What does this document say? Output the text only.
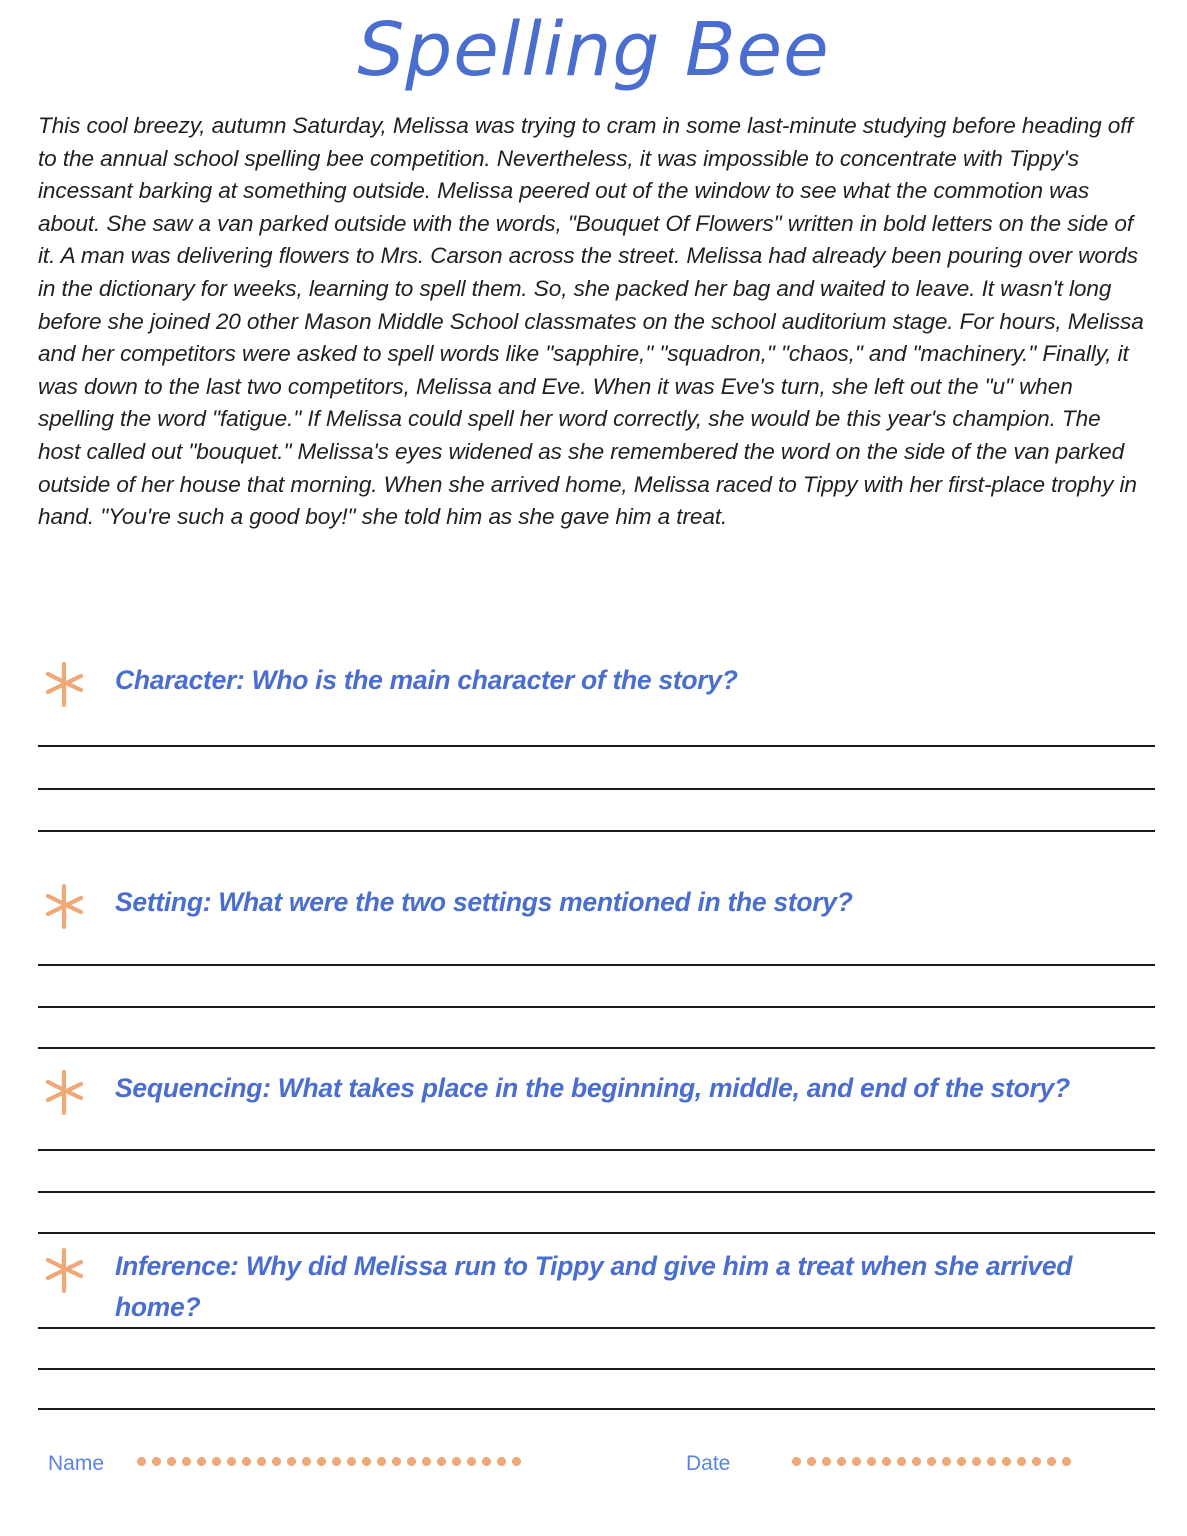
Spelling Bee
This cool breezy, autumn Saturday, Melissa was trying to cram in some last-minute studying before heading off to the annual school spelling bee competition. Nevertheless, it was impossible to concentrate with Tippy's incessant barking at something outside. Melissa peered out of the window to see what the commotion was about. She saw a van parked outside with the words, "Bouquet Of Flowers" written in bold letters on the side of it. A man was delivering flowers to Mrs. Carson across the street. Melissa had already been pouring over words in the dictionary for weeks, learning to spell them. So, she packed her bag and waited to leave. It wasn't long before she joined 20 other Mason Middle School classmates on the school auditorium stage. For hours, Melissa and her competitors were asked to spell words like "sapphire," "squadron," "chaos," and "machinery." Finally, it was down to the last two competitors, Melissa and Eve. When it was Eve's turn, she left out the "u" when spelling the word "fatigue." If Melissa could spell her word correctly, she would be this year's champion. The host called out "bouquet." Melissa's eyes widened as she remembered the word on the side of the van parked outside of her house that morning. When she arrived home, Melissa raced to Tippy with her first-place trophy in hand. "You're such a good boy!" she told him as she gave him a treat.
Character: Who is the main character of the story?
Setting: What were the two settings mentioned in the story?
Sequencing: What takes place in the beginning, middle, and end of the story?
Inference: Why did Melissa run to Tippy and give him a treat when she arrived home?
Name	Date
